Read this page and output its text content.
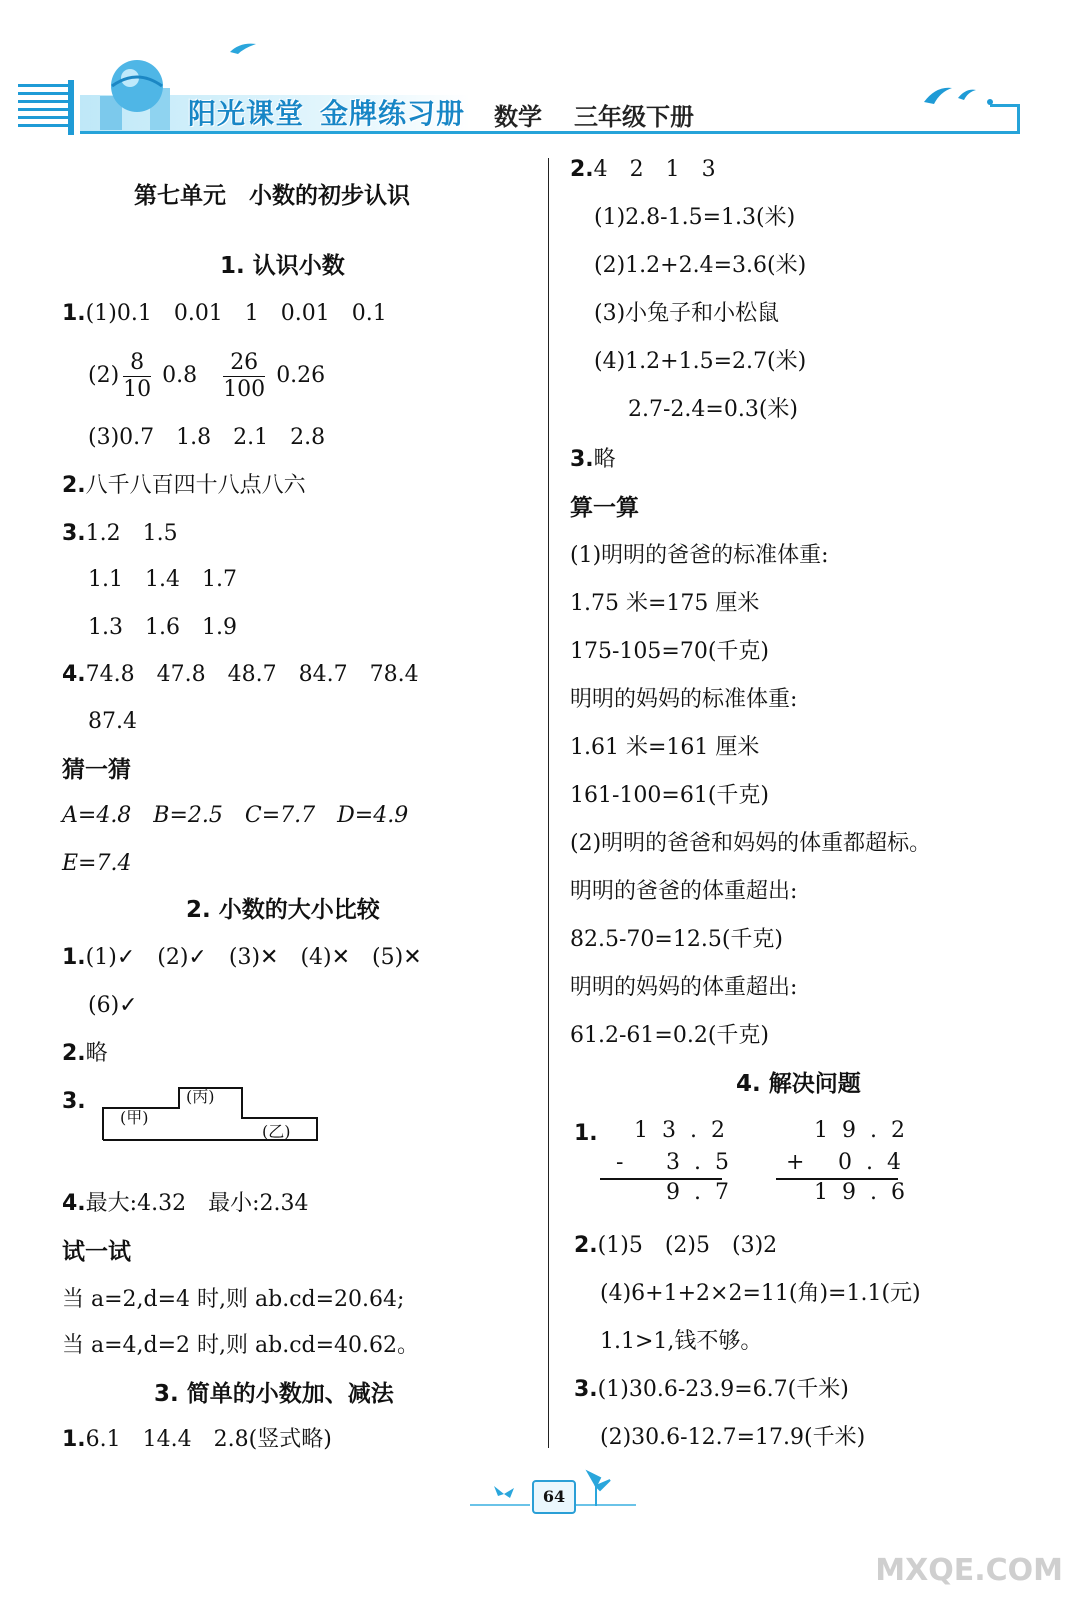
阳光课堂 金牌练习册 数学 三年级下册
第七单元　小数的初步认识
1. 认识小数
1.(1)0.1　0.01　1　0.01　0.1
$(2) \frac{8}{10} 0.8$　 $\frac{26}{100} 0.26$
(3)0.7　1.8　2.1　2.8
2.八千八百四十八点八六
3.1.2　1.5
1.1　1.4　1.7
1.3　1.6　1.9
4.74.8　47.8　48.7　84.7　78.4
87.4
猜一猜
A=4.8　B=2.5　C=7.7　D=4.9
E=7.4
2. 小数的大小比较
1.(1)✓　(2)✓　(3)✕　(4)✕　(5)✕
(6)✓
2.略
3.
(甲)
(丙)
(乙)
4.最大:4.32　最小:2.34
试一试
当 a=2,d=4 时,则 ab.cd=20.64;
当 a=4,d=2 时,则 ab.cd=40.62。
3. 简单的小数加、减法
1.6.1　14.4　2.8(竖式略)
2.4　2　1　3
(1)2.8-1.5=1.3(米)
(2)1.2+2.4=3.6(米)
(3)小兔子和小松鼠
(4)1.2+1.5=2.7(米)
2.7-2.4=0.3(米)
3.略
算一算
(1)明明的爸爸的标准体重:
1.75 米=175 厘米
175-105=70(千克)
明明的妈妈的标准体重:
1.61 米=161 厘米
161-100=61(千克)
(2)明明的爸爸和妈妈的体重都超标。
明明的爸爸的体重超出:
82.5-70=12.5(千克)
明明的妈妈的体重超出:
61.2-61=0.2(千克)
4. 解决问题
1. 13.2
- 3.5
9.7
19.2
+ 0.4
19.6
2.(1)5　(2)5　(3)2
(4)6+1+2×2=11(角)=1.1(元)
1.1>1,钱不够。
3.(1)30.6-23.9=6.7(千米)
(2)30.6-12.7=17.9(千米)
64
MXQE.COM
